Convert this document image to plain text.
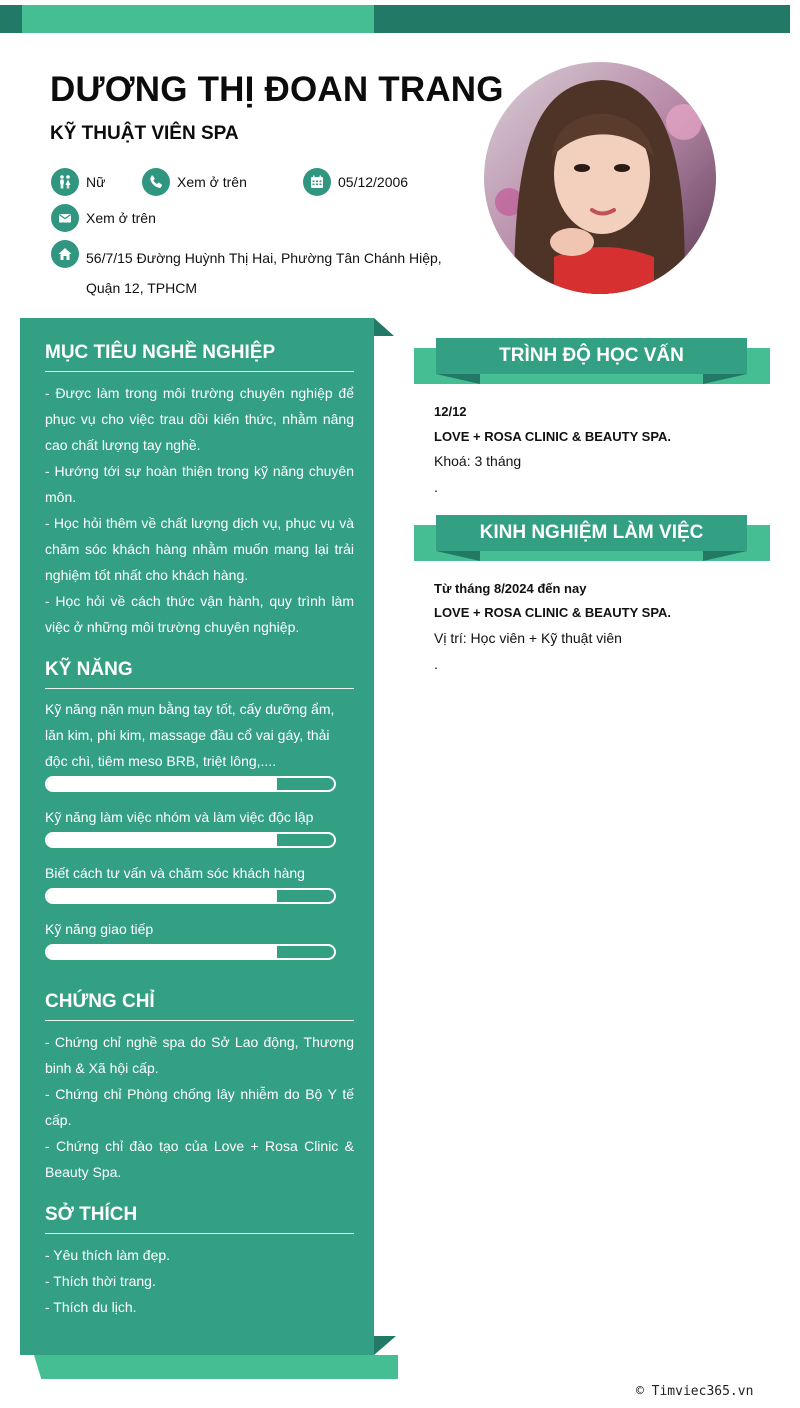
DƯƠNG THỊ ĐOAN TRANG
KỸ THUẬT VIÊN SPA
Nữ	Xem ở trên	05/12/2006
Xem ở trên

56/7/15 Đường Huỳnh Thị Hai, Phường Tân Chánh Hiệp, Quận 12, TPHCM

MỤC TIÊU NGHỀ NGHIỆP

- Được làm trong môi trường chuyên nghiệp để phục vụ cho việc trau dồi kiến thức, nhằm nâng cao chất lượng tay nghề.
- Hướng tới sự hoàn thiện trong kỹ năng chuyên môn.
- Học hỏi thêm về chất lượng dịch vụ, phục vụ và chăm sóc khách hàng nhằm muốn mang lại trải nghiệm tốt nhất cho khách hàng.
- Học hỏi về cách thức vận hành, quy trình làm việc ở những môi trường chuyên nghiệp.

KỸ NĂNG

Kỹ năng nặn mụn bằng tay tốt, cấy dưỡng ẩm, lăn kim, phi kim, massage đầu cổ vai gáy, thải độc chì, tiêm meso BRB, triệt lông,....

Kỹ năng làm việc nhóm và làm việc độc lập

Biết cách tư vấn và chăm sóc khách hàng

Kỹ năng giao tiếp

CHỨNG CHỈ

- Chứng chỉ nghề spa do Sở Lao động, Thương binh & Xã hội cấp.
- Chứng chỉ Phòng chống lây nhiễm do Bộ Y tế cấp.
- Chứng chỉ đào tạo của Love + Rosa Clinic & Beauty Spa.

SỞ THÍCH

- Yêu thích làm đẹp.
- Thích thời trang.
- Thích du lịch.

TRÌNH ĐỘ HỌC VẤN

12/12

LOVE + ROSA CLINIC & BEAUTY SPA.

Khoá: 3 tháng

.

KINH NGHIỆM LÀM VIỆC

Từ tháng 8/2024 đến nay

LOVE + ROSA CLINIC & BEAUTY SPA.

Vị trí: Học viên + Kỹ thuật viên

.

© Timviec365.vn
